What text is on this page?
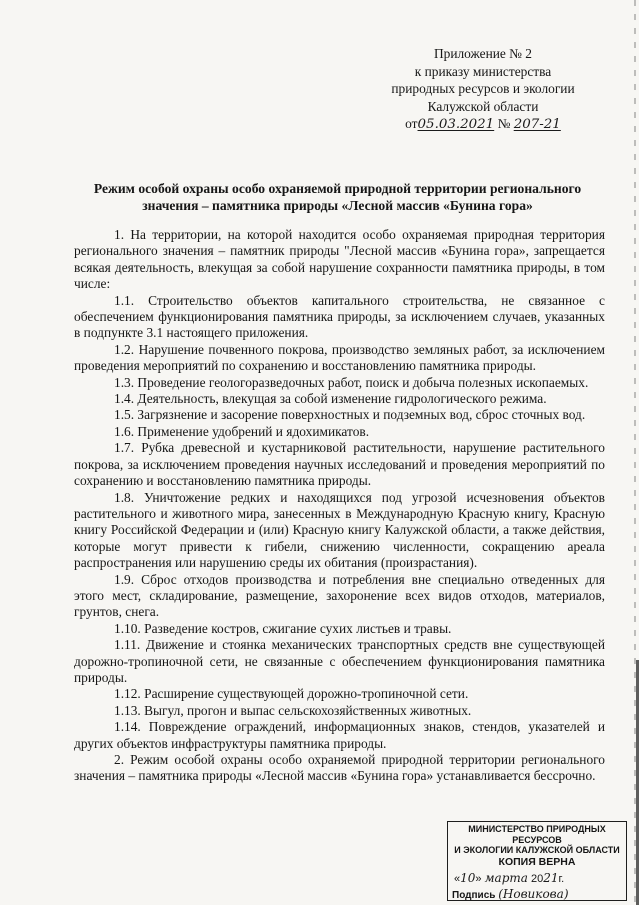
Приложение № 2
к приказу министерства
природных ресурсов и экологии
Калужской области
от05.03.2021 № 207-21
Режим особой охраны особо охраняемой природной территории регионального значения – памятника природы «Лесной массив «Бунина гора»

1. На территории, на которой находится особо охраняемая природная территория регионального значения – памятник природы "Лесной массив «Бунина гора», запрещается всякая деятельность, влекущая за собой нарушение сохранности памятника природы, в том числе:

1.1. Строительство объектов капитального строительства, не связанное с обеспечением функционирования памятника природы, за исключением случаев, указанных в подпункте 3.1 настоящего приложения.

1.2. Нарушение почвенного покрова, производство земляных работ, за исключением проведения мероприятий по сохранению и восстановлению памятника природы.

1.3. Проведение геологоразведочных работ, поиск и добыча полезных ископаемых.

1.4. Деятельность, влекущая за собой изменение гидрологического режима.

1.5. Загрязнение и засорение поверхностных и подземных вод, сброс сточных вод.

1.6. Применение удобрений и ядохимикатов.

1.7. Рубка древесной и кустарниковой растительности, нарушение растительного покрова, за исключением проведения научных исследований и проведения мероприятий по сохранению и восстановлению памятника природы.

1.8. Уничтожение редких и находящихся под угрозой исчезновения объектов растительного и животного мира, занесенных в Международную Красную книгу, Красную книгу Российской Федерации и (или) Красную книгу Калужской области, а также действия, которые могут привести к гибели, снижению численности, сокращению ареала распространения или нарушению среды их обитания (произрастания).

1.9. Сброс отходов производства и потребления вне специально отведенных для этого мест, складирование, размещение, захоронение всех видов отходов, материалов, грунтов, снега.

1.10. Разведение костров, сжигание сухих листьев и травы.

1.11. Движение и стоянка механических транспортных средств вне существующей дорожно-тропиночной сети, не связанные с обеспечением функционирования памятника природы.

1.12. Расширение существующей дорожно-тропиночной сети.

1.13. Выгул, прогон и выпас сельскохозяйственных животных.

1.14. Повреждение ограждений, информационных знаков, стендов, указателей и других объектов инфраструктуры памятника природы.

2. Режим особой охраны особо охраняемой природной территории регионального значения – памятника природы «Лесной массив «Бунина гора» устанавливается бессрочно.

МИНИСТЕРСТВО ПРИРОДНЫХ РЕСУРСОВ
И ЭКОЛОГИИ КАЛУЖСКОЙ ОБЛАСТИ
КОПИЯ ВЕРНА
«10» марта 2021г.
Подпись (Новикова)
